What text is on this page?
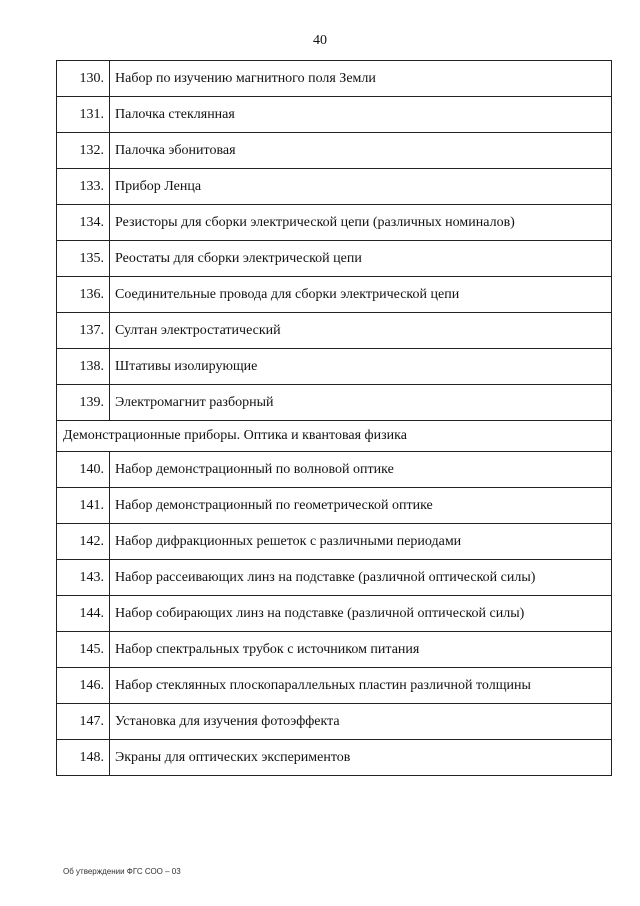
40
130.	Набор по изучению магнитного поля Земли
131.	Палочка стеклянная
132.	Палочка эбонитовая
133.	Прибор Ленца
134.	Резисторы для сборки электрической цепи (различных номиналов)
135.	Реостаты для сборки электрической цепи
136.	Соединительные провода для сборки электрической цепи
137.	Султан электростатический
138.	Штативы изолирующие
139.	Электромагнит разборный
Демонстрационные приборы. Оптика и квантовая физика	
140.	Набор демонстрационный по волновой оптике
141.	Набор демонстрационный по геометрической оптике
142.	Набор дифракционных решеток с различными периодами
143.	Набор рассеивающих линз на подставке (различной оптической силы)
144.	Набор собирающих линз на подставке (различной оптической силы)
145.	Набор спектральных трубок с источником питания
146.	Набор стеклянных плоскопараллельных пластин различной толщины
147.	Установка для изучения фотоэффекта
148.	Экраны для оптических экспериментов
Об утверждении ФГС СОО – 03
